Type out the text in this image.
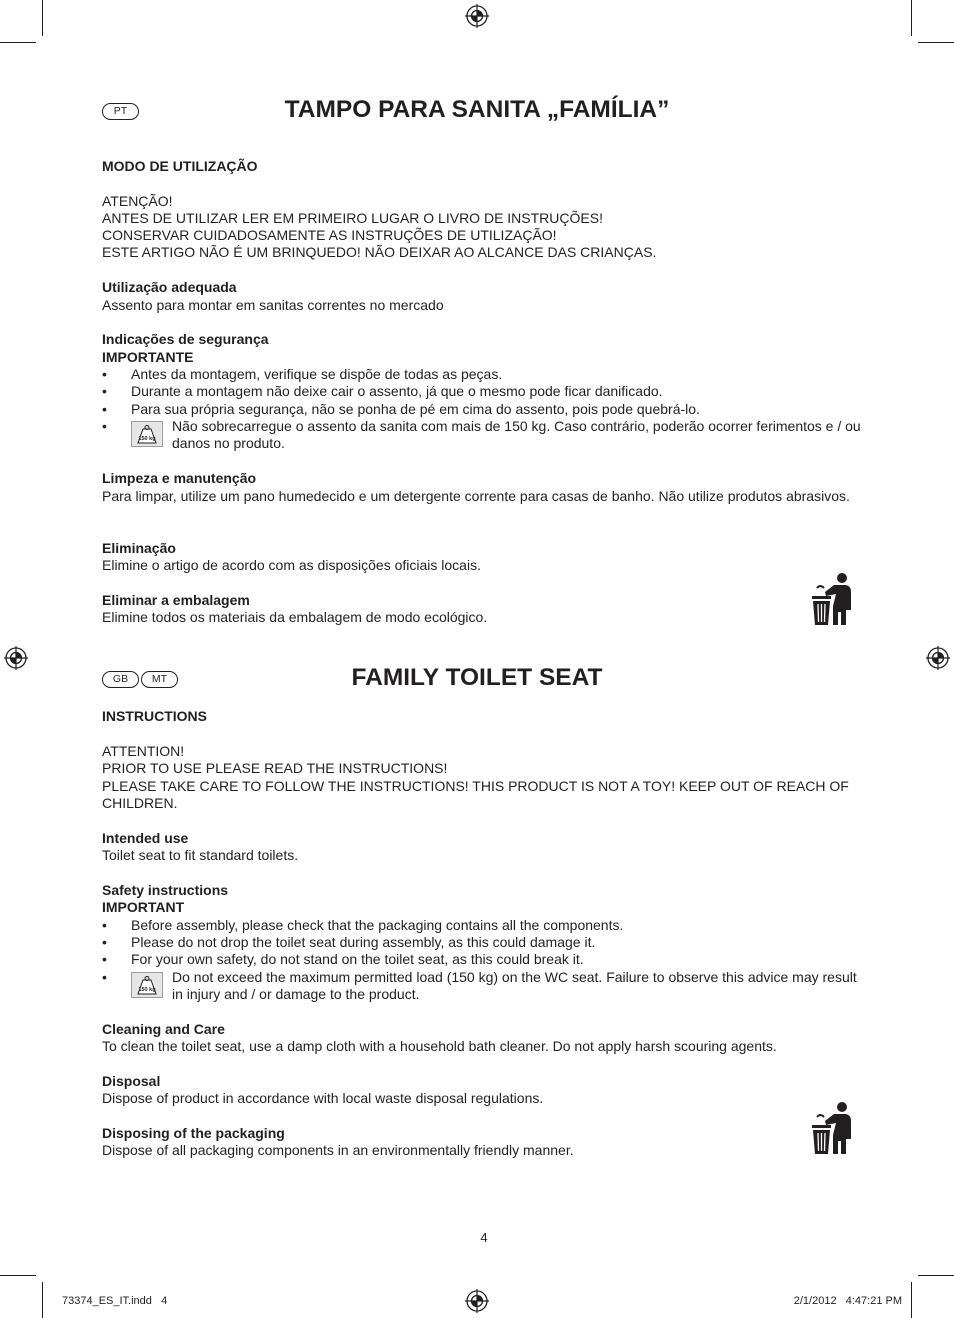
PT	TAMPO PARA SANITA „FAMÍLIA”
MODO DE UTILIZAÇÃO
ATENÇÃO!
ANTES DE UTILIZAR LER EM PRIMEIRO LUGAR O LIVRO DE INSTRUÇÕES!
CONSERVAR CUIDADOSAMENTE AS INSTRUÇÕES DE UTILIZAÇÃO!
ESTE ARTIGO NÃO É UM BRINQUEDO! NÃO DEIXAR AO ALCANCE DAS CRIANÇAS.
Utilização adequada
Assento para montar em sanitas correntes no mercado
Indicações de segurança
IMPORTANTE
• Antes da montagem, verifique se dispõe de todas as peças.
• Durante a montagem não deixe cair o assento, já que o mesmo pode ficar danificado.
• Para sua própria segurança, não se ponha de pé em cima do assento, pois pode quebrá-lo.
•
150 kg
Não sobrecarregue o assento da sanita com mais de 150 kg. Caso contrário, poderão ocorrer ferimentos e / ou danos no produto.
Limpeza e manutenção
Para limpar, utilize um pano humedecido e um detergente corrente para casas de banho. Não utilize produtos abrasivos.
Eliminação
Elimine o artigo de acordo com as disposições oficiais locais.
Eliminar a embalagem
Elimine todos os materiais da embalagem de modo ecológico.
GB	MT	FAMILY TOILET SEAT
INSTRUCTIONS
ATTENTION!
PRIOR TO USE PLEASE READ THE INSTRUCTIONS!
PLEASE TAKE CARE TO FOLLOW THE INSTRUCTIONS! THIS PRODUCT IS NOT A TOY! KEEP OUT OF REACH OF CHILDREN.
Intended use
Toilet seat to fit standard toilets.
Safety instructions
IMPORTANT
• Before assembly, please check that the packaging contains all the components.
• Please do not drop the toilet seat during assembly, as this could damage it.
• For your own safety, do not stand on the toilet seat, as this could break it.
•
150 kg
Do not exceed the maximum permitted load (150 kg) on the WC seat. Failure to observe this advice may result in injury and / or damage to the product.
Cleaning and Care
To clean the toilet seat, use a damp cloth with a household bath cleaner. Do not apply harsh scouring agents.
Disposal
Dispose of product in accordance with local waste disposal regulations.
Disposing of the packaging
Dispose of all packaging components in an environmentally friendly manner.
4
73374_ES_IT.indd   4	2/1/2012   4:47:21 PM
